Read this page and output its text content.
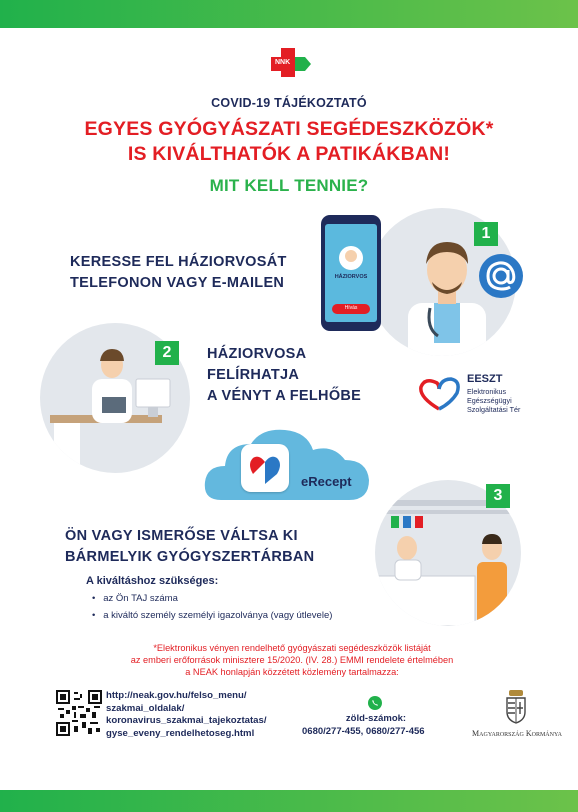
NNK
COVID-19 TÁJÉKOZTATÓ
EGYES GYÓGYÁSZATI SEGÉDESZKÖZÖK*
IS KIVÁLTHATÓK A PATIKÁKBAN!
MIT KELL TENNIE?
KERESSE FEL HÁZIORVOSÁT
TELEFONON VAGY E-MAILEN	HÁZIORVOS
Hívás
1
2	HÁZIORVOSA
FELÍRHATJA
A VÉNYT A FELHŐBE
EESZT
Elektronikus
Egészségügyi
Szolgáltatási Tér
eRecept
ÖN VAGY ISMERŐSE VÁLTSA KI
BÁRMELYIK GYÓGYSZERTÁRBAN
3
A kiváltáshoz szükséges:
•   az Ön TAJ száma
•   a kiváltó személy személyi igazolványa (vagy útlevele)
*Elektronikus vényen rendelhető gyógyászati segédeszközök listáját
az emberi erőforrások minisztere 15/2020. (IV. 28.) EMMI rendelete értelmében
a NEAK honlapján közzétett közlemény tartalmazza:
http://neak.gov.hu/felso_menu/
szakmai_oldalak/
koronavirus_szakmai_tajekoztatas/
gyse_eveny_rendelhetoseg.html
zöld-számok:
0680/277-455, 0680/277-456	Magyarország Kormánya
